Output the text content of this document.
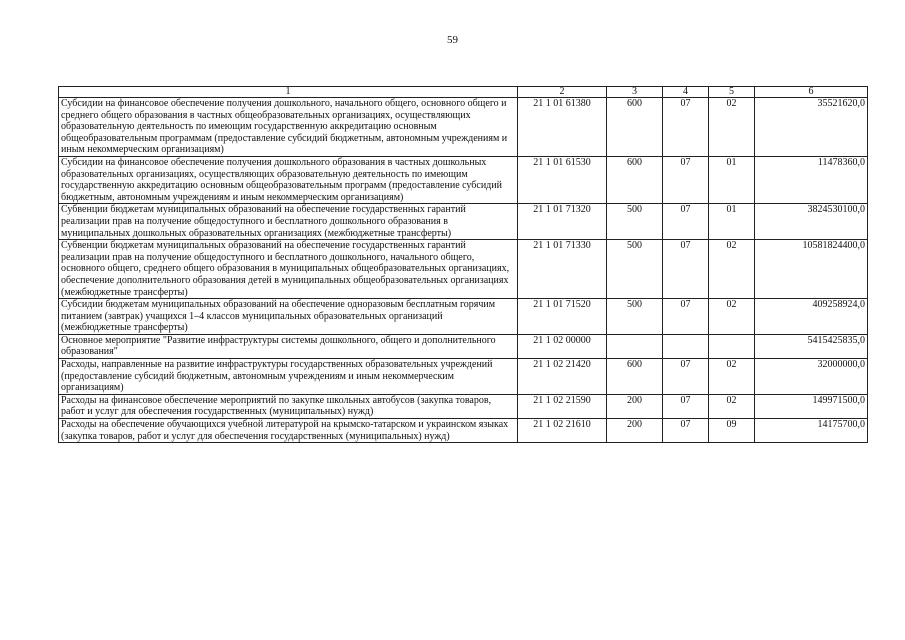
59
1	2	3	4	5	6
Субсидии на финансовое обеспечение получения дошкольного, начального общего, основного общего и среднего общего образования в частных общеобразовательных организациях, осуществляющих образовательную деятельность по имеющим государственную аккредитацию основным общеобразовательным программам (предоставление субсидий бюджетным, автономным учреждениям и иным некоммерческим организациям)	21 1 01 61380	600	07	02	35521620,0
Субсидии на финансовое обеспечение получения дошкольного образования в частных дошкольных образовательных организациях, осуществляющих образовательную деятельность по имеющим государственную аккредитацию основным общеобразовательным программ (предоставление субсидий бюджетным, автономным учреждениям и иным некоммерческим организациям)	21 1 01 61530	600	07	01	11478360,0
Субвенции бюджетам муниципальных образований на обеспечение государственных гарантий реализации прав на получение общедоступного и бесплатного дошкольного образования в муниципальных дошкольных образовательных организациях (межбюджетные трансферты)	21 1 01 71320	500	07	01	3824530100,0
Субвенции бюджетам муниципальных образований на обеспечение государственных гарантий реализации прав на получение общедоступного и бесплатного дошкольного, начального общего, основного общего, среднего общего образования в муниципальных общеобразовательных организациях, обеспечение дополнительного образования детей в муниципальных общеобразовательных организациях (межбюджетные трансферты)	21 1 01 71330	500	07	02	10581824400,0
Субсидии бюджетам муниципальных образований на обеспечение одноразовым бесплатным горячим питанием (завтрак) учащихся 1–4 классов муниципальных образовательных организаций (межбюджетные трансферты)	21 1 01 71520	500	07	02	409258924,0
Основное мероприятие "Развитие инфраструктуры системы дошкольного, общего и дополнительного образования"	21 1 02 00000				5415425835,0
Расходы, направленные на развитие инфраструктуры государственных образовательных учреждений (предоставление субсидий бюджетным, автономным учреждениям и иным некоммерческим организациям)	21 1 02 21420	600	07	02	32000000,0
Расходы на финансовое обеспечение мероприятий по закупке школьных автобусов (закупка товаров, работ и услуг для обеспечения государственных (муниципальных) нужд)	21 1 02 21590	200	07	02	149971500,0
Расходы на обеспечение обучающихся учебной литературой на крымско-татарском и украинском языках (закупка товаров, работ и услуг для обеспечения государственных (муниципальных) нужд)	21 1 02 21610	200	07	09	14175700,0
